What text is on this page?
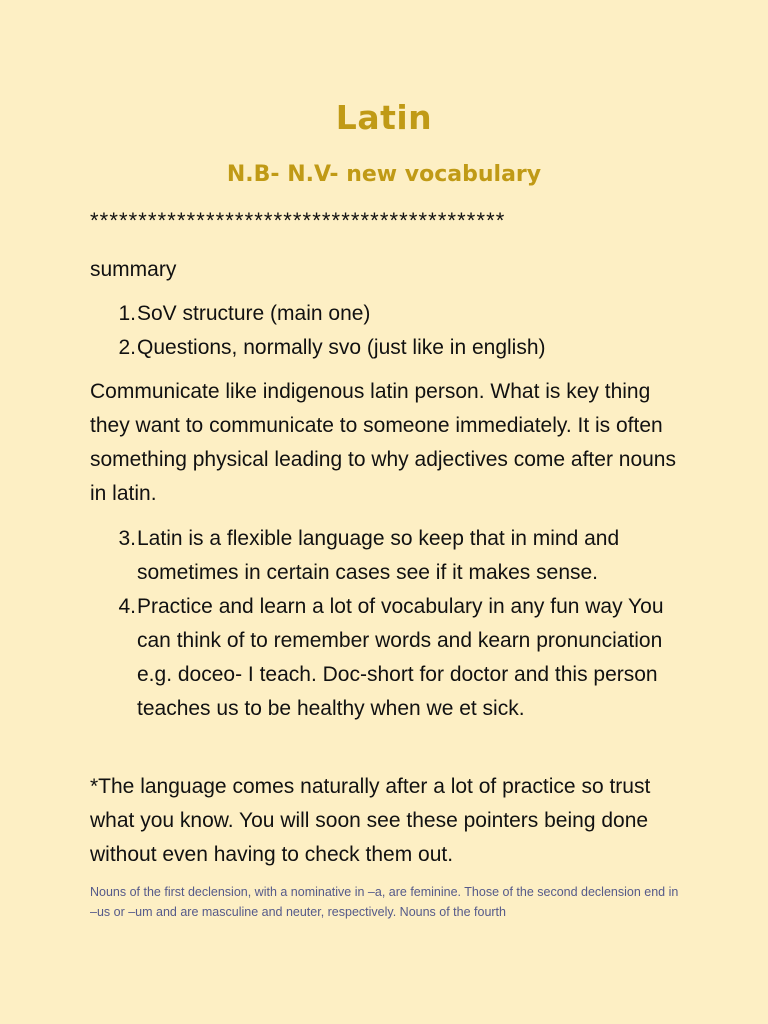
Latin
N.B- N.V- new vocabulary
*******************************************
summary
1. SoV structure (main one)
2. Questions, normally svo (just like in english)

Communicate like indigenous latin person. What is key thing they want to communicate to someone immediately. It is often something physical leading to why adjectives come after nouns in latin.

3. Latin is a flexible language so keep that in mind and sometimes in certain cases see if it makes sense.
4. Practice and learn a lot of vocabulary in any fun way You can think of to remember words and kearn pronunciation e.g. doceo- I teach. Doc-short for doctor and this person teaches us to be healthy when we et sick.

*The language comes naturally after a lot of practice so trust what you know. You will soon see these pointers being done without even having to check them out.

Nouns of the first declension, with a nominative in –a, are feminine. Those of the second declension end in –us or –um and are masculine and neuter, respectively. Nouns of the fourth
